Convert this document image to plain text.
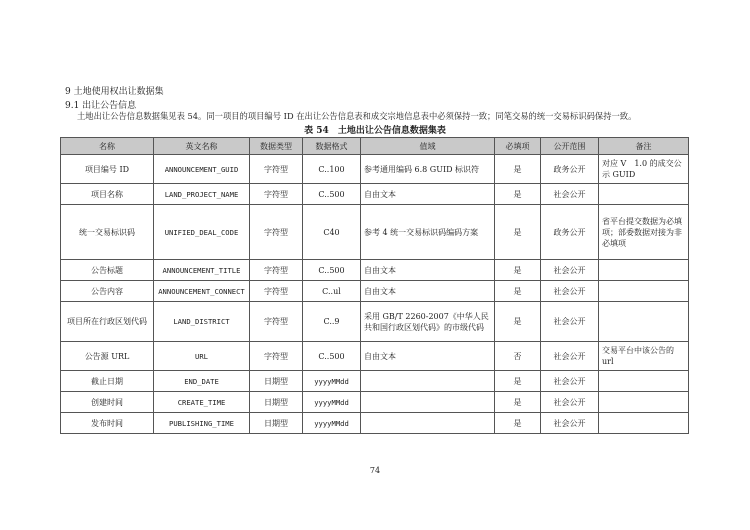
9 土地使用权出让数据集
9.1 出让公告信息
土地出让公告信息数据集见表 54。同一项目的项目编号 ID 在出让公告信息表和成交宗地信息表中必须保持一致；同笔交易的统一交易标识码保持一致。
表 54　土地出让公告信息数据集表
名称	英文名称	数据类型	数据格式	值域	必填项	公开范围	备注
项目编号 ID	ANNOUNCEMENT_GUID	字符型	C..100	参考通用编码 6.8 GUID 标识符	是	政务公开	对应 V　1.0 的成交公示 GUID
项目名称	LAND_PROJECT_NAME	字符型	C..500	自由文本	是	社会公开	
统一交易标识码	UNIFIED_DEAL_CODE	字符型	C40	参考 4 统一交易标识码编码方案	是	政务公开	省平台提交数据为必填项；部委数据对接为非必填项
公告标题	ANNOUNCEMENT_TITLE	字符型	C..500	自由文本	是	社会公开	
公告内容	ANNOUNCEMENT_CONNECT	字符型	C..ul	自由文本	是	社会公开	
项目所在行政区划代码	LAND_DISTRICT	字符型	C..9	采用 GB/T 2260-2007《中华人民共和国行政区划代码》的市级代码	是	社会公开	
公告源 URL	URL	字符型	C..500	自由文本	否	社会公开	交易平台中该公告的 url
截止日期	END_DATE	日期型	yyyyMMdd		是	社会公开	
创建时间	CREATE_TIME	日期型	yyyyMMdd		是	社会公开	
发布时间	PUBLISHING_TIME	日期型	yyyyMMdd		是	社会公开	
74
